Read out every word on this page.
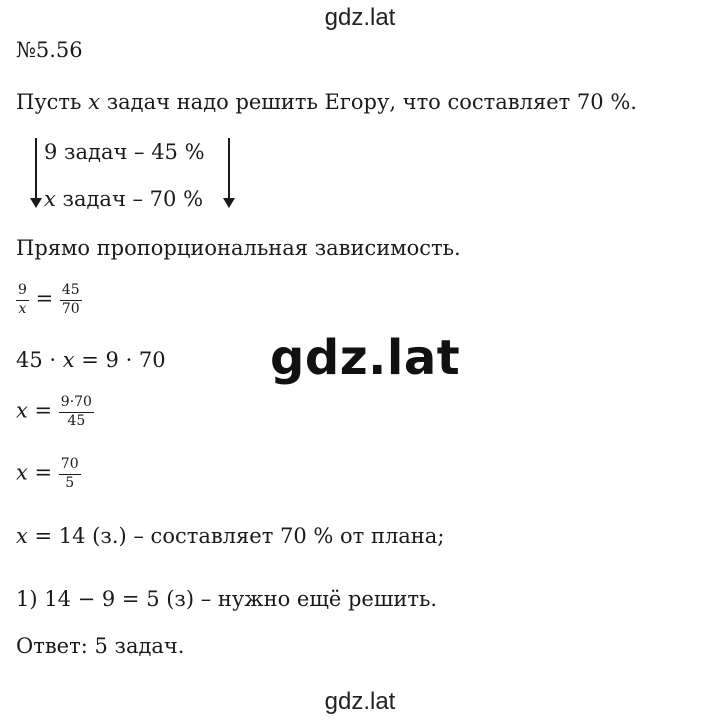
gdz.lat
№5.56
Пусть x задач надо решить Егору, что составляет 70 %.
9 задач – 45 %
x задач – 70 %
Прямо пропорциональная зависимость.
$\frac{9}{x} = \frac{45}{70}$
45 · x = 9 · 70 gdz.lat
$x = \frac{9\cdot 70}{45}$
$x = \frac{70}{5}$
x = 14 (з.) – составляет 70 % от плана;
1) 14 − 9 = 5 (з) – нужно ещё решить.
Ответ: 5 задач.
gdz.lat
